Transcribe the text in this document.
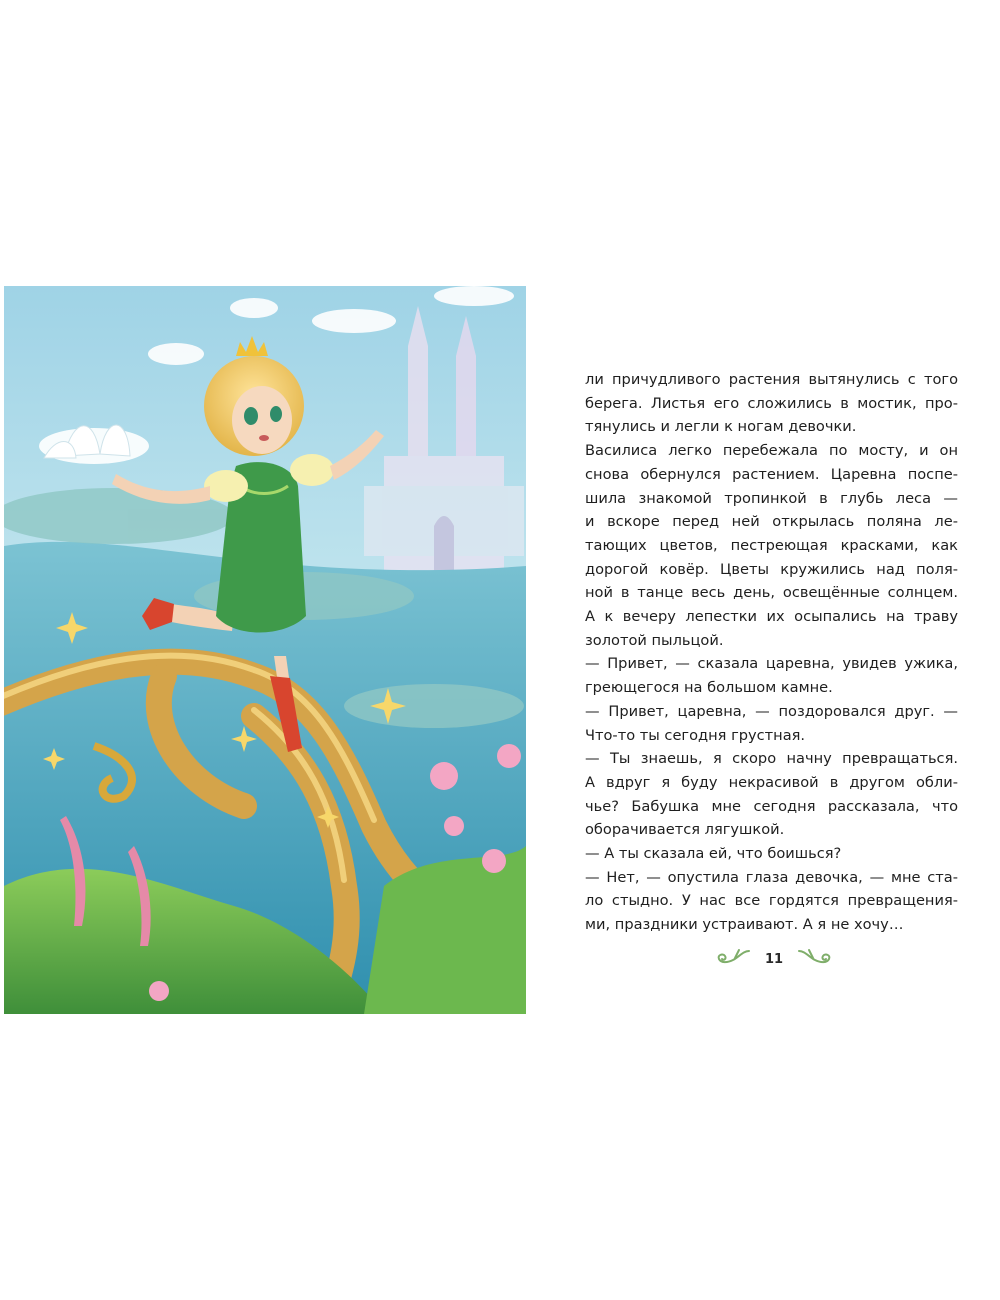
ли причудливого растения вытянулись с того
берега. Листья его сложились в мостик, про-
тянулись и легли к ногам девочки.
Василиса легко перебежала по мосту, и он
снова обернулся растением. Царевна поспе-
шила знакомой тропинкой в глубь леса —
и вскоре перед ней открылась поляна ле-
тающих цветов, пестреющая красками, как
дорогой ковёр. Цветы кружились над поля-
ной в танце весь день, освещённые солнцем.
А к вечеру лепестки их осыпались на траву
золотой пыльцой.
— Привет, — сказала царевна, увидев ужика,
греющегося на большом камне.
— Привет, царевна, — поздоровался друг. —
Что-то ты сегодня грустная.
— Ты знаешь, я скоро начну превращаться.
А вдруг я буду некрасивой в другом обли-
чье? Бабушка мне сегодня рассказала, что
оборачивается лягушкой.
— А ты сказала ей, что боишься?
— Нет, — опустила глаза девочка, — мне ста-
ло стыдно. У нас все гордятся превращения-
ми, праздники устраивают. А я не хочу…
11
